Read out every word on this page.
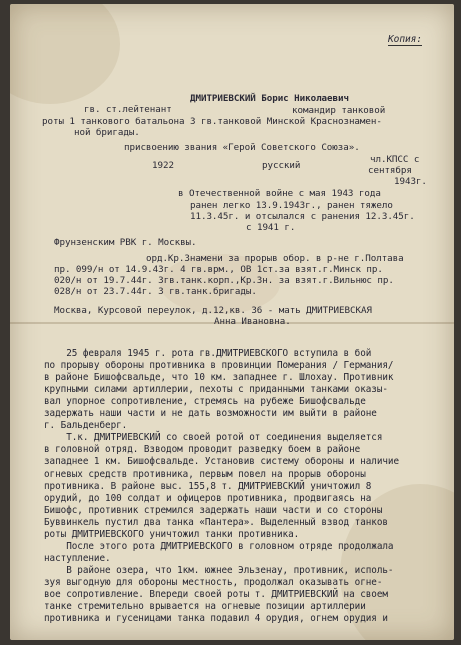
Копия:
ДМИТРИЕВСКИЙ Борис Николаевич
гв. ст.лейтенант	командир танковой
роты 1 танкового батальона 3 гв.танковой Минской Краснознамен-
ной бригады.
присвоению звания «Герой Советского Союза».
чл.КПСС с
1922	русский	сентября
1943г.
в Отечественной войне с мая 1943 года
ранен легко 13.9.1943г., ранен тяжело
11.3.45г. и отсылался с ранения 12.3.45г.
с 1941 г.
Фрунзенским РВК г. Москвы.
орд.Кр.Знамени за прорыв обор. в р-не г.Полтава
пр. 099/н от 14.9.43г. 4 гв.врм., ОВ 1ст.за взят.г.Минск пр.
020/н от 19.7.44г. 3гв.танк.корп.,Кр.Зн. за взят.г.Вильнюс пр.
028/н от 23.7.44г. 3 гв.танк.бригады.
Москва, Курсовой переулок, д.12,кв. 36 - мать ДМИТРИЕВСКАЯ
Анна Ивановна.
25 февраля 1945 г. рота гв.ДМИТРИЕВСКОГО вступила в бой
по прорыву обороны противника в провинции Померания / Германия/
в районе Бишофсвальде, что 10 км. западнее г. Шлохау. Противник
крупными силами артиллерии, пехоты с приданными танками оказы-
вал упорное сопротивление, стремясь на рубеже Бишофсвальде
задержать наши части и не дать возможности им выйти в районе
г. Бальденберг.
Т.к. ДМИТРИЕВСКИЙ со своей ротой от соединения выделяется
в головной отряд. Взводом проводит разведку боем в районе
западнее 1 км. Бишофсвальде. Установив систему обороны и наличие
огневых средств противника, первым повел на прорыв обороны
противника. В районе выс. 155,8 т. ДМИТРИЕВСКИЙ уничтожил 8
орудий, до 100 солдат и офицеров противника, продвигаясь на
Бишофс, противник стремился задержать наши части и со стороны
Буввинкель пустил два танка «Пантера». Выделенный взвод танков
роты ДМИТРИЕВСКОГО уничтожил танки противника.
После этого рота ДМИТРИЕВСКОГО в головном отряде продолжала
наступление.
В районе озера, что 1км. южнее Эльзенау, противник, исполь-
зуя выгодную для обороны местность, продолжал оказывать огне-
вое сопротивление. Впереди своей роты т. ДМИТРИЕВСКИЙ на своем
танке стремительно врывается на огневые позиции артиллерии
противника и гусеницами танка подавил 4 орудия, огнем орудия и
